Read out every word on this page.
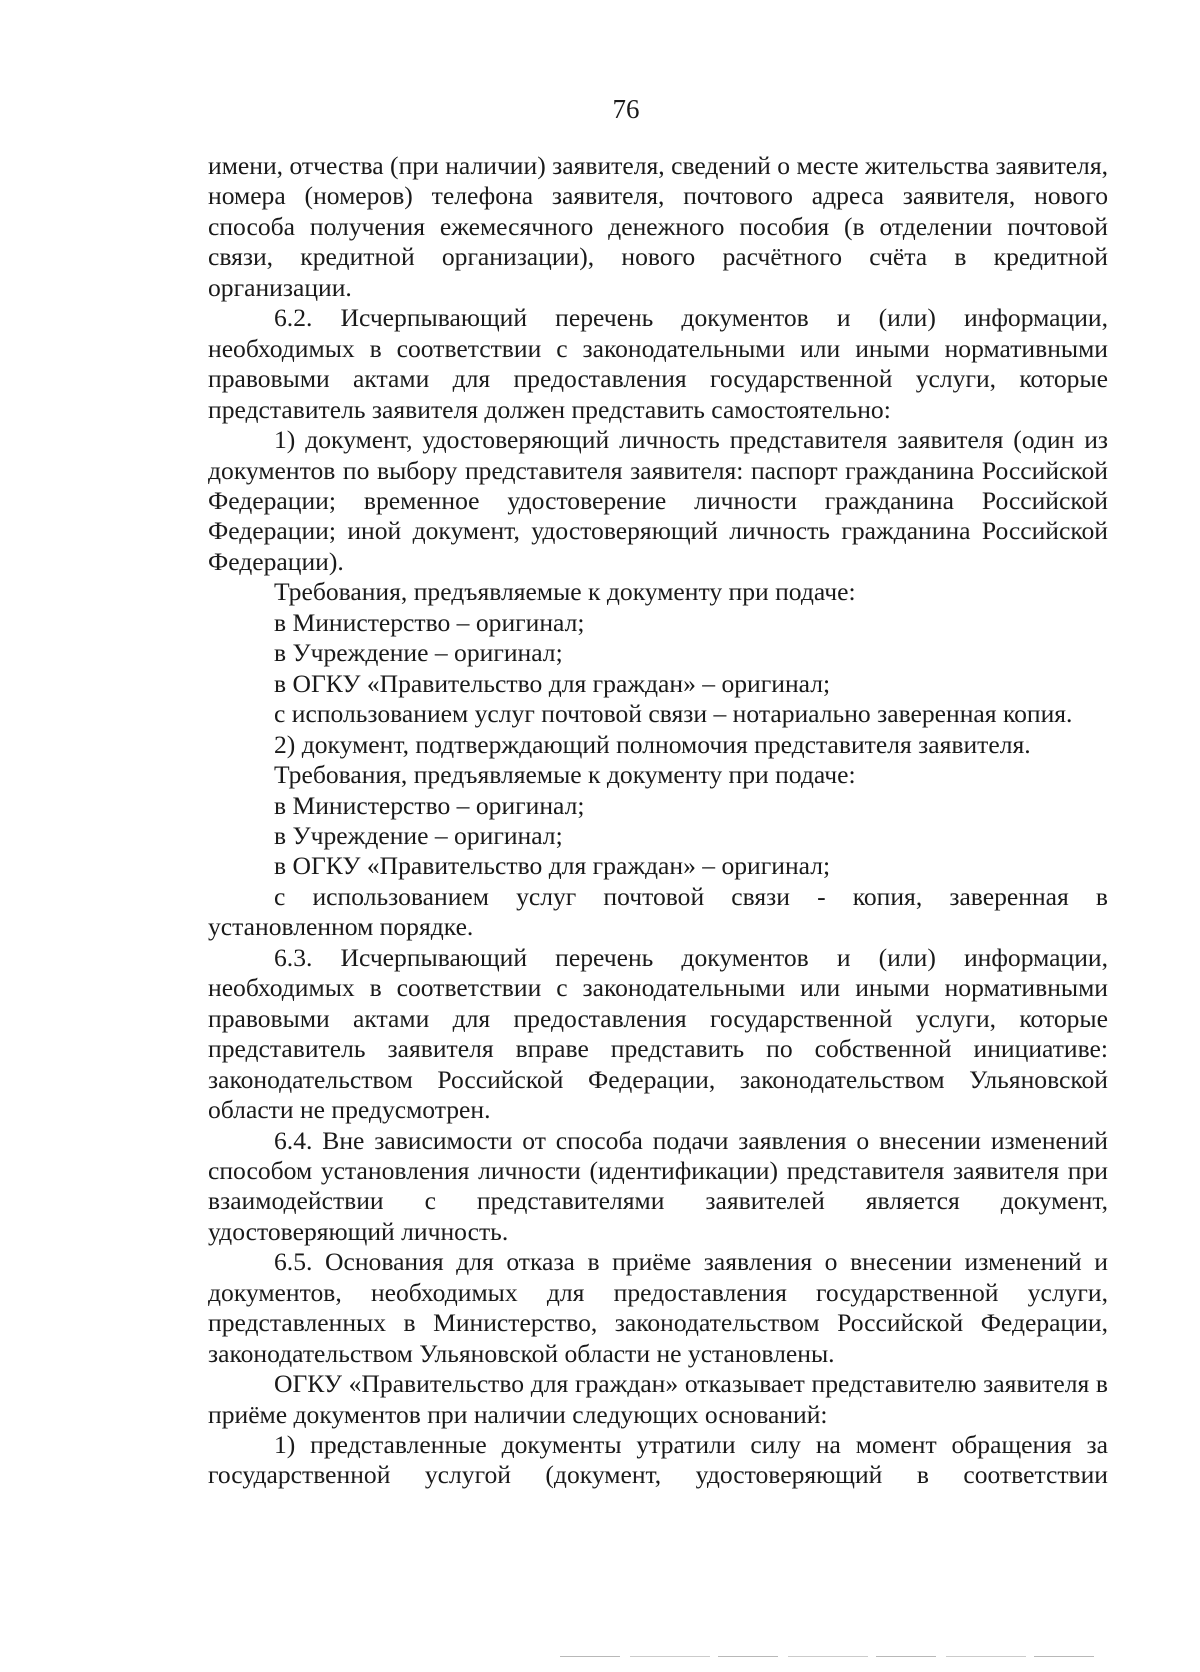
76

имени, отчества (при наличии) заявителя, сведений о месте жительства заявителя, номера (номеров) телефона заявителя, почтового адреса заявителя, нового способа получения ежемесячного денежного пособия (в отделении почтовой связи, кредитной организации), нового расчётного счёта в кредитной организации.

6.2. Исчерпывающий перечень документов и (или) информации, необходимых в соответствии с законодательными или иными нормативными правовыми актами для предоставления государственной услуги, которые представитель заявителя должен представить самостоятельно:

1) документ, удостоверяющий личность представителя заявителя (один из документов по выбору представителя заявителя: паспорт гражданина Российской Федерации; временное удостоверение личности гражданина Российской Федерации; иной документ, удостоверяющий личность гражданина Российской Федерации).

Требования, предъявляемые к документу при подаче:

в Министерство – оригинал;

в Учреждение – оригинал;

в ОГКУ «Правительство для граждан» – оригинал;

с использованием услуг почтовой связи – нотариально заверенная копия.

2) документ, подтверждающий полномочия представителя заявителя.

Требования, предъявляемые к документу при подаче:

в Министерство – оригинал;

в Учреждение – оригинал;

в ОГКУ «Правительство для граждан» – оригинал;

с использованием услуг почтовой связи - копия, заверенная в установленном порядке.

6.3. Исчерпывающий перечень документов и (или) информации, необходимых в соответствии с законодательными или иными нормативными правовыми актами для предоставления государственной услуги, которые представитель заявителя вправе представить по собственной инициативе: законодательством Российской Федерации, законодательством Ульяновской области не предусмотрен.

6.4. Вне зависимости от способа подачи заявления о внесении изменений способом установления личности (идентификации) представителя заявителя при взаимодействии с представителями заявителей является документ, удостоверяющий личность.

6.5. Основания для отказа в приёме заявления о внесении изменений и документов, необходимых для предоставления государственной услуги, представленных в Министерство, законодательством Российской Федерации, законодательством Ульяновской области не установлены.

ОГКУ «Правительство для граждан» отказывает представителю заявителя в приёме документов при наличии следующих оснований:

1) представленные документы утратили силу на момент обращения за государственной услугой (документ, удостоверяющий в соответствии
